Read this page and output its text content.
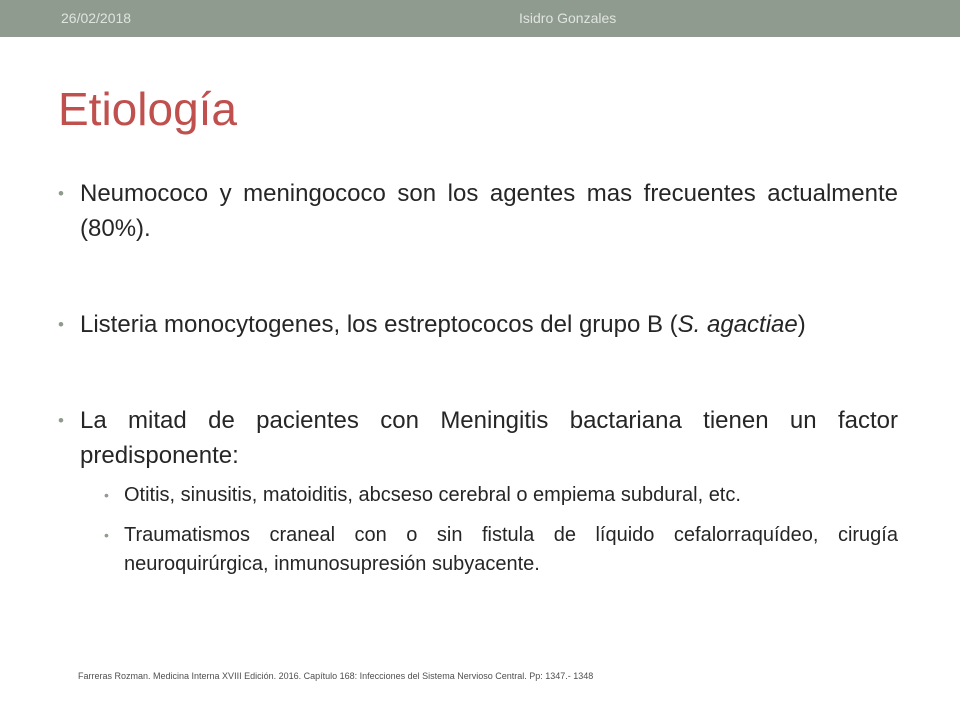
26/02/2018	Isidro Gonzales
Etiología
• Neumococo y meningococo son los agentes mas frecuentes actualmente (80%).
• Listeria monocytogenes, los estreptococos del grupo B (S. agactiae)
• La mitad de pacientes con Meningitis bactariana tienen un factor predisponente:
• Otitis, sinusitis, matoiditis, abcseso cerebral o empiema subdural, etc.
• Traumatismos craneal con o sin fistula de líquido cefalorraquídeo, cirugía neuroquirúrgica, inmunosupresión subyacente.
Farreras Rozman. Medicina Interna XVIII Edición. 2016. Capítulo 168: Infecciones del Sistema Nervioso Central. Pp: 1347.- 1348
